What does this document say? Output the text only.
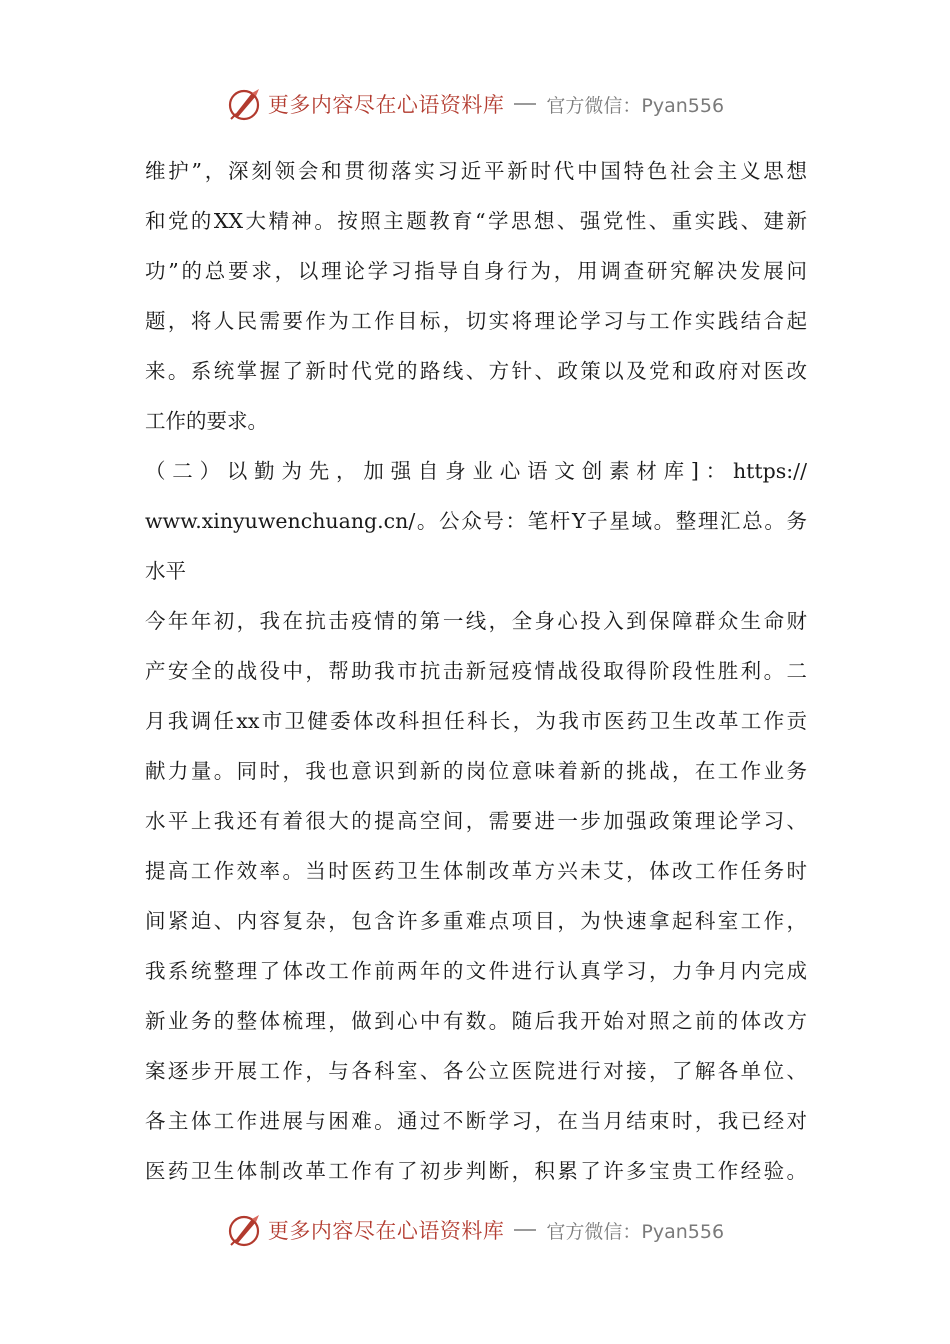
更多内容尽在心语资料库 官方微信：Pyan556
维护”，深刻领会和贯彻落实习近平新时代中国特色社会主义思想
和党的XX大精神。按照主题教育“学思想、强党性、重实践、建新
功”的总要求，以理论学习指导自身行为，用调查研究解决发展问
题，将人民需要作为工作目标，切实将理论学习与工作实践结合起
来。系统掌握了新时代党的路线、方针、政策以及党和政府对医改
工作的要求。
（二）以勤为先，加强自身业心语文创素材库]：https://
www.xinyuwenchuang.cn/。公众号：笔杆Y子星域。整理汇总。务
水平
今年年初，我在抗击疫情的第一线，全身心投入到保障群众生命财
产安全的战役中，帮助我市抗击新冠疫情战役取得阶段性胜利。二
月我调任xx市卫健委体改科担任科长，为我市医药卫生改革工作贡
献力量。同时，我也意识到新的岗位意味着新的挑战，在工作业务
水平上我还有着很大的提高空间，需要进一步加强政策理论学习、
提高工作效率。当时医药卫生体制改革方兴未艾，体改工作任务时
间紧迫、内容复杂，包含许多重难点项目，为快速拿起科室工作，
我系统整理了体改工作前两年的文件进行认真学习，力争月内完成
新业务的整体梳理，做到心中有数。随后我开始对照之前的体改方
案逐步开展工作，与各科室、各公立医院进行对接，了解各单位、
各主体工作进展与困难。通过不断学习，在当月结束时，我已经对
医药卫生体制改革工作有了初步判断，积累了许多宝贵工作经验。
更多内容尽在心语资料库 官方微信：Pyan556
